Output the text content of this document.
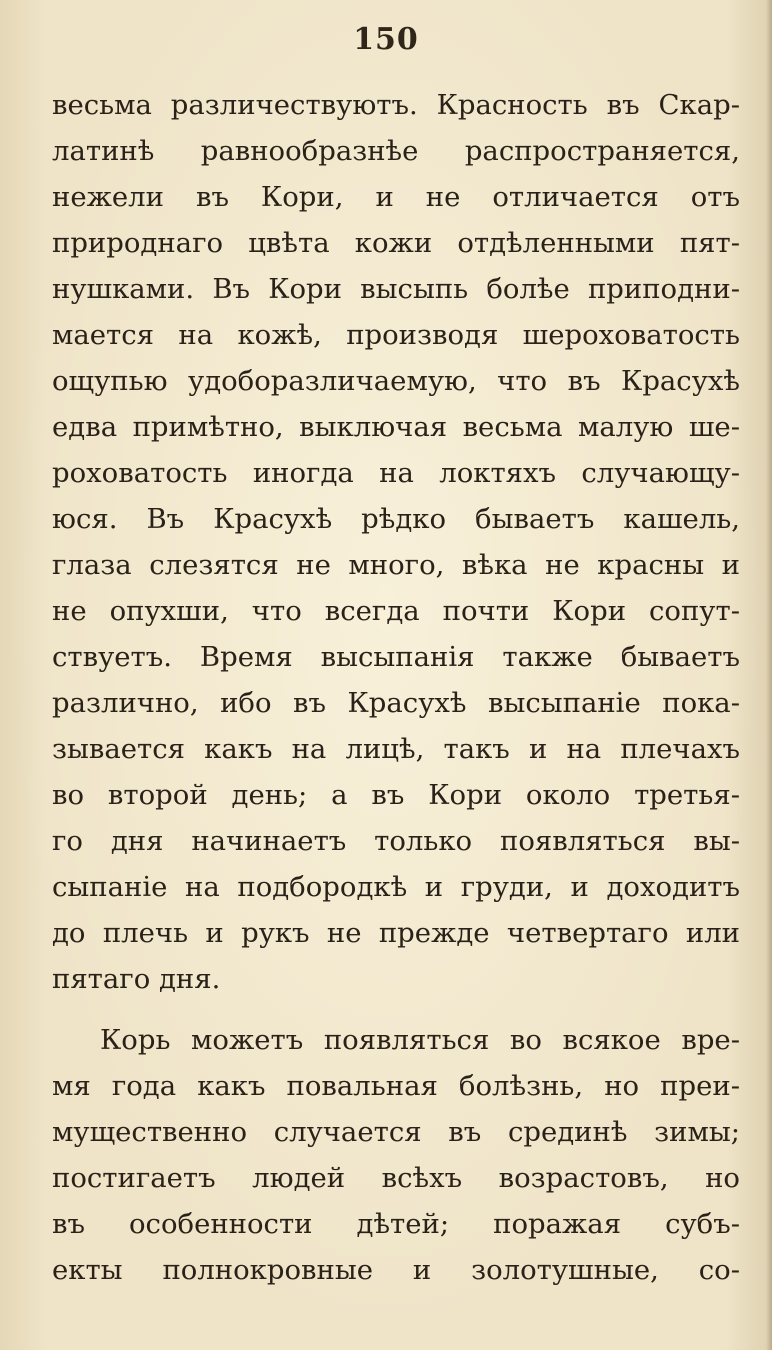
150
весьма различествуютъ. Красность въ Скар-
латинѣ равнообразнѣе распространяется,
нежели въ Кори, и не отличается отъ
природнаго цвѣта кожи отдѣленными пят-
нушками. Въ Кори высыпь болѣе приподни-
мается на кожѣ, производя шероховатость
ощупью удоборазличаемую, что въ Красухѣ
едва примѣтно, выключая весьма малую ше-
роховатость иногда на локтяхъ случающу-
юся. Въ Красухѣ рѣдко бываетъ кашель,
глаза слезятся не много, вѣка не красны и
не опухши, что всегда почти Кори сопут-
ствуетъ. Время высыпанія также бываетъ
различно, ибо въ Красухѣ высыпаніе пока-
зывается какъ на лицѣ, такъ и на плечахъ
во второй день; а въ Кори около третья-
го дня начинаетъ только появляться вы-
сыпаніе на подбородкѣ и груди, и доходитъ
до плечь и рукъ не прежде четвертаго или
пятаго дня.
Корь можетъ появляться во всякое вре-
мя года какъ повальная болѣзнь, но преи-
мущественно случается въ срединѣ зимы;
постигаетъ людей всѣхъ возрастовъ, но
въ особенности дѣтей; поражая субъ-
екты полнокровные и золотушные, со-
